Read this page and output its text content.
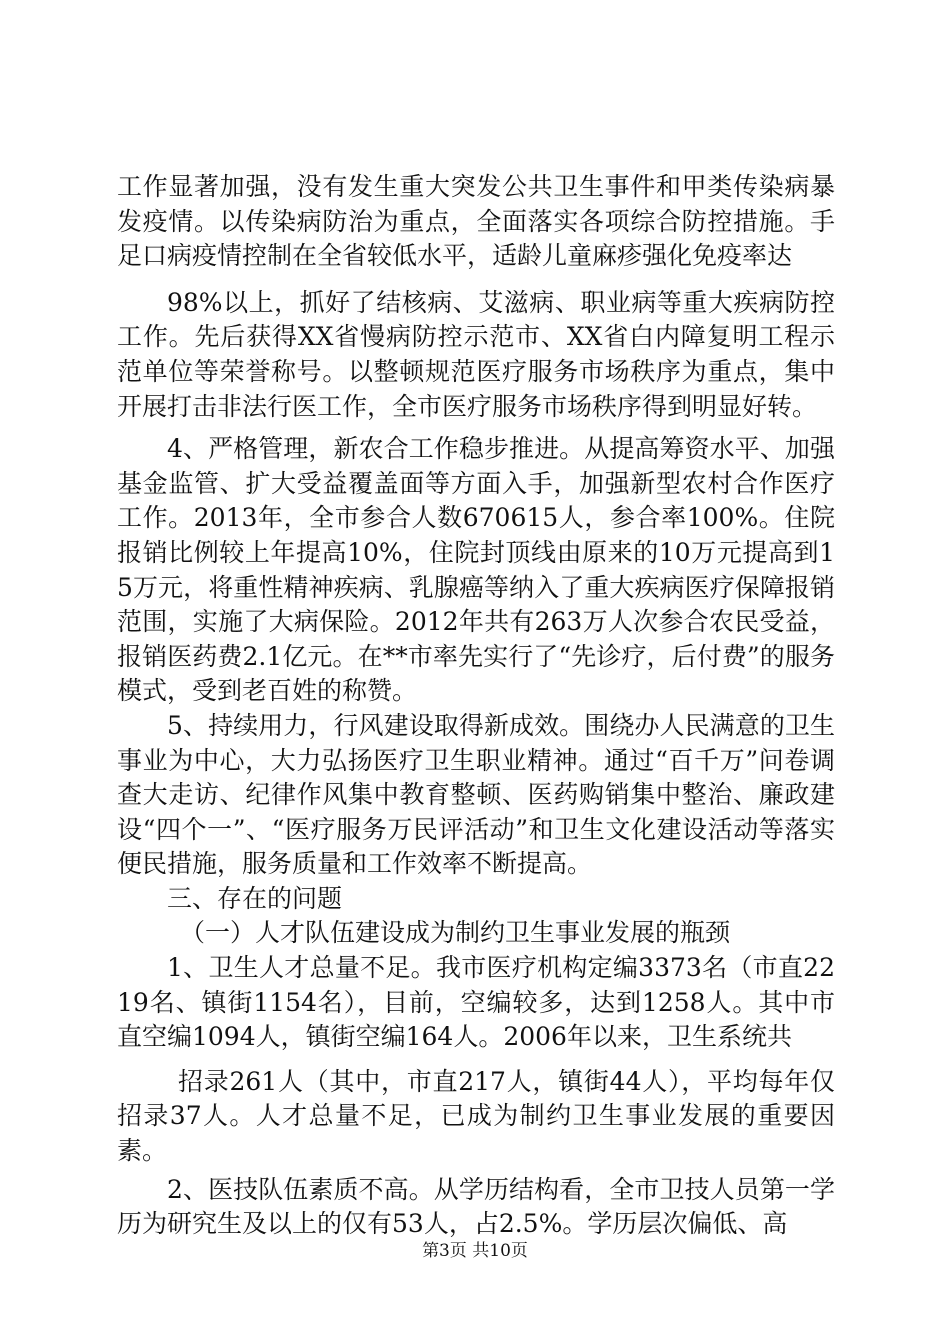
工作显著加强，没有发生重大突发公共卫生事件和甲类传染病暴发疫情。以传染病防治为重点，全面落实各项综合防控措施。手足口病疫情控制在全省较低水平，适龄儿童麻疹强化免疫率达

98%以上，抓好了结核病、艾滋病、职业病等重大疾病防控工作。先后获得XX省慢病防控示范市、XX省白内障复明工程示范单位等荣誉称号。以整顿规范医疗服务市场秩序为重点，集中开展打击非法行医工作，全市医疗服务市场秩序得到明显好转。

4、严格管理，新农合工作稳步推进。从提高筹资水平、加强基金监管、扩大受益覆盖面等方面入手，加强新型农村合作医疗工作。2013年，全市参合人数670615人，参合率100%。住院报销比例较上年提高10%，住院封顶线由原来的10万元提高到15万元，将重性精神疾病、乳腺癌等纳入了重大疾病医疗保障报销范围，实施了大病保险。2012年共有263万人次参合农民受益，报销医药费2.1亿元。在**市率先实行了“先诊疗，后付费”的服务模式，受到老百姓的称赞。

5、持续用力，行风建设取得新成效。围绕办人民满意的卫生事业为中心，大力弘扬医疗卫生职业精神。通过“百千万”问卷调查大走访、纪律作风集中教育整顿、医药购销集中整治、廉政建设“四个一”、“医疗服务万民评活动”和卫生文化建设活动等落实便民措施，服务质量和工作效率不断提高。

三、存在的问题

（一）人才队伍建设成为制约卫生事业发展的瓶颈

1、卫生人才总量不足。我市医疗机构定编3373名（市直2219名、镇街1154名），目前，空编较多，达到1258人。其中市直空编1094人，镇街空编164人。2006年以来，卫生系统共

招录261人（其中，市直217人，镇街44人），平均每年仅招录37人。人才总量不足，已成为制约卫生事业发展的重要因素。

2、医技队伍素质不高。从学历结构看，全市卫技人员第一学历为研究生及以上的仅有53人，占2.5%。学历层次偏低、高

第3页 共10页
